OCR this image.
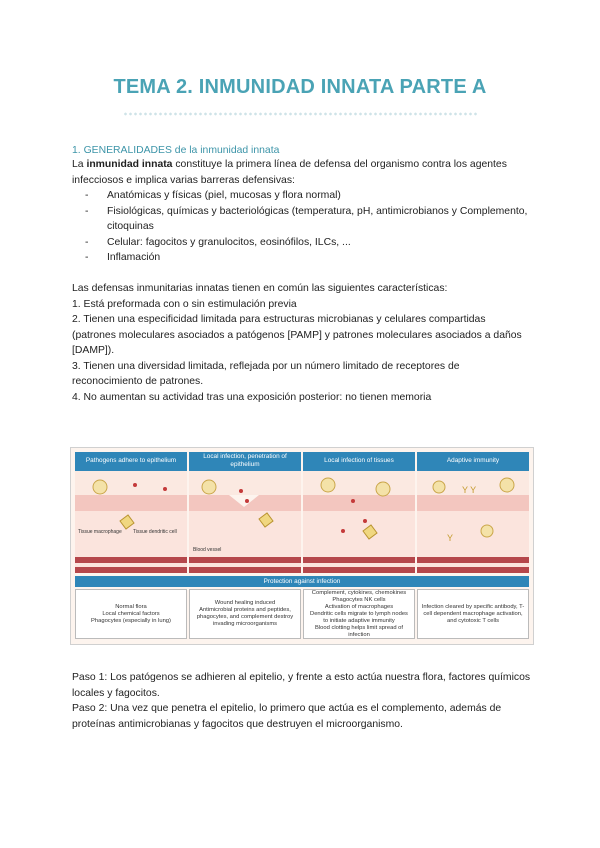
TEMA 2. INMUNIDAD INNATA PARTE A
1. GENERALIDADES de la inmunidad innata
La inmunidad innata constituye la primera línea de defensa del organismo contra los agentes infecciosos e implica varias barreras defensivas:
-	Anatómicas y físicas (piel, mucosas y flora normal)
-	Fisiológicas, químicas y bacteriológicas (temperatura, pH, antimicrobianos y Complemento, citoquinas
-	Celular: fagocitos y granulocitos, eosinófilos, ILCs, ...
-	Inflamación
Las defensas inmunitarias innatas tienen en común las siguientes características:
1. Está preformada con o sin estimulación previa
2. Tienen una especificidad limitada para estructuras microbianas y celulares compartidas (patrones moleculares asociados a patógenos [PAMP] y patrones moleculares asociados a daños [DAMP]).
3. Tienen una diversidad limitada, reflejada por un número limitado de receptores de reconocimiento de patrones.
4. No aumentan su actividad tras una exposición posterior: no tienen memoria
Pathogens adhere to epithelium
Tissue macrophage Tissue dendritic cell
Local infection, penetration of epithelium
Blood vessel
Local infection of tissues	Adaptive immunity
Y Y
Y
Protection against infection
Normal flora
Local chemical factors
Phagocytes (especially in lung)
Wound healing induced
Antimicrobial proteins and peptides, phagocytes, and complement destroy invading microorganisms
Complement, cytokines, chemokines Phagocytes NK cells
Activation of macrophages
Dendritic cells migrate to lymph nodes to initiate adaptive immunity
Blood clotting helps limit spread of infection
Infection cleared by specific antibody, T-cell dependent macrophage activation, and cytotoxic T cells
Paso 1: Los patógenos se adhieren al epitelio, y frente a esto actúa nuestra flora, factores químicos locales y fagocitos.
Paso 2: Una vez que penetra el epitelio, lo primero que actúa es el complemento, además de proteínas antimicrobianas y fagocitos que destruyen el microorganismo.
